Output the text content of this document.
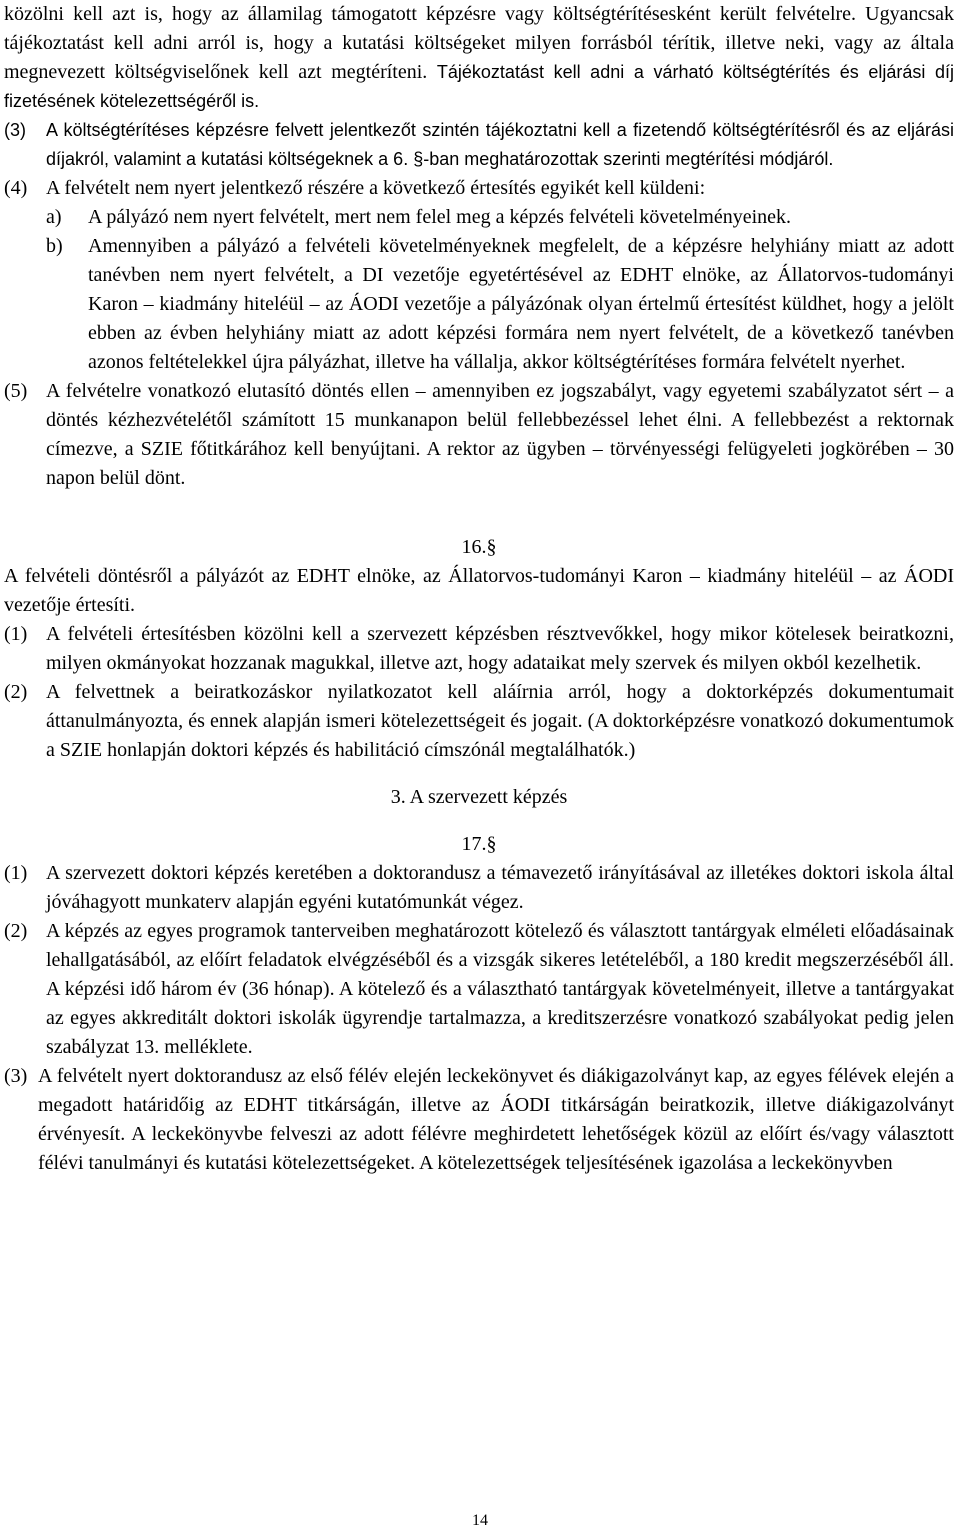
közölni kell azt is, hogy az államilag támogatott képzésre vagy költségtérítésesként került felvételre. Ugyancsak tájékoztatást kell adni arról is, hogy a kutatási költségeket milyen forrásból térítik, illetve neki, vagy az általa megnevezett költségviselőnek kell azt megtéríteni. Tájékoztatást kell adni a várható költségtérítés és eljárási díj fizetésének kötelezettségéről is.

(3) A költségtérítéses képzésre felvett jelentkezőt szintén tájékoztatni kell a fizetendő költségtérítésről és az eljárási díjakról, valamint a kutatási költségeknek a 6. §-ban meghatározottak szerinti megtérítési módjáról.
(4) A felvételt nem nyert jelentkező részére a következő értesítés egyikét kell küldeni:
a) A pályázó nem nyert felvételt, mert nem felel meg a képzés felvételi követelményeinek.
b) Amennyiben a pályázó a felvételi követelményeknek megfelelt, de a képzésre helyhiány miatt az adott tanévben nem nyert felvételt, a DI vezetője egyetértésével az EDHT elnöke, az Állatorvos-tudományi Karon – kiadmány hiteléül – az ÁODI vezetője a pályázónak olyan értelmű értesítést küldhet, hogy a jelölt ebben az évben helyhiány miatt az adott képzési formára nem nyert felvételt, de a következő tanévben azonos feltételekkel újra pályázhat, illetve ha vállalja, akkor költségtérítéses formára felvételt nyerhet.
(5) A felvételre vonatkozó elutasító döntés ellen – amennyiben ez jogszabályt, vagy egyetemi szabályzatot sért – a döntés kézhezvételétől számított 15 munkanapon belül fellebbezéssel lehet élni. A fellebbezést a rektornak címezve, a SZIE főtitkárához kell benyújtani. A rektor az ügyben – törvényességi felügyeleti jogkörében – 30 napon belül dönt.

16.§

A felvételi döntésről a pályázót az EDHT elnöke, az Állatorvos-tudományi Karon – kiadmány hiteléül – az ÁODI vezetője értesíti.

(1) A felvételi értesítésben közölni kell a szervezett képzésben résztvevőkkel, hogy mikor kötelesek beiratkozni, milyen okmányokat hozzanak magukkal, illetve azt, hogy adataikat mely szervek és milyen okból kezelhetik.
(2) A felvettnek a beiratkozáskor nyilatkozatot kell aláírnia arról, hogy a doktorképzés dokumentumait áttanulmányozta, és ennek alapján ismeri kötelezettségeit és jogait. (A doktorképzésre vonatkozó dokumentumok a SZIE honlapján doktori képzés és habilitáció címszónál megtalálhatók.)

3. A szervezett képzés

17.§

(1) A szervezett doktori képzés keretében a doktorandusz a témavezető irányításával az illetékes doktori iskola által jóváhagyott munkaterv alapján egyéni kutatómunkát végez.
(2) A képzés az egyes programok tanterveiben meghatározott kötelező és választott tantárgyak elméleti előadásainak lehallgatásából, az előírt feladatok elvégzéséből és a vizsgák sikeres letételéből, a 180 kredit megszerzéséből áll. A képzési idő három év (36 hónap). A kötelező és a választható tantárgyak követelményeit, illetve a tantárgyakat az egyes akkreditált doktori iskolák ügyrendje tartalmazza, a kreditszerzésre vonatkozó szabályokat pedig jelen szabályzat 13. melléklete.
(3) A felvételt nyert doktorandusz az első félév elején leckekönyvet és diákigazolványt kap, az egyes félévek elején a megadott határidőig az EDHT titkárságán, illetve az ÁODI titkárságán beiratkozik, illetve diákigazolványt érvényesít. A leckekönyvbe felveszi az adott félévre meghirdetett lehetőségek közül az előírt és/vagy választott félévi tanulmányi és kutatási kötelezettségeket. A kötelezettségek teljesítésének igazolása a leckekönyvben
14
